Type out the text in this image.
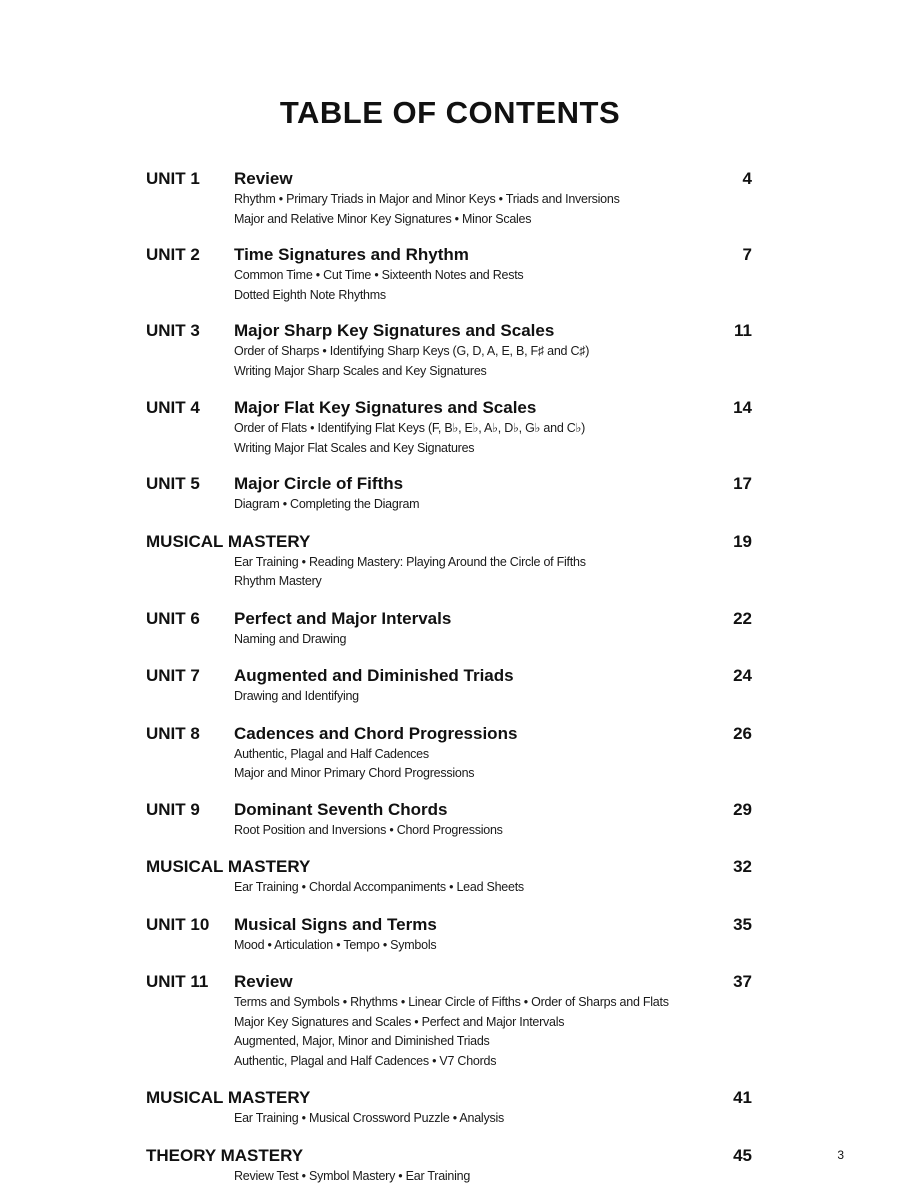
TABLE OF CONTENTS
UNIT 1 Review	4
Rhythm • Primary Triads in Major and Minor Keys • Triads and Inversions
Major and Relative Minor Key Signatures • Minor Scales
UNIT 2 Time Signatures and Rhythm	7
Common Time • Cut Time • Sixteenth Notes and Rests
Dotted Eighth Note Rhythms
UNIT 3 Major Sharp Key Signatures and Scales	11
Order of Sharps • Identifying Sharp Keys (G, D, A, E, B, F♯ and C♯)
Writing Major Sharp Scales and Key Signatures
UNIT 4 Major Flat Key Signatures and Scales	14
Order of Flats • Identifying Flat Keys (F, B♭, E♭, A♭, D♭, G♭ and C♭)
Writing Major Flat Scales and Key Signatures
UNIT 5 Major Circle of Fifths	17
Diagram • Completing the Diagram
MUSICAL MASTERY	19
Ear Training • Reading Mastery: Playing Around the Circle of Fifths
Rhythm Mastery
UNIT 6 Perfect and Major Intervals	22
Naming and Drawing
UNIT 7 Augmented and Diminished Triads	24
Drawing and Identifying
UNIT 8 Cadences and Chord Progressions	26
Authentic, Plagal and Half Cadences
Major and Minor Primary Chord Progressions
UNIT 9 Dominant Seventh Chords	29
Root Position and Inversions • Chord Progressions
MUSICAL MASTERY	32
Ear Training • Chordal Accompaniments • Lead Sheets
UNIT 10 Musical Signs and Terms	35
Mood • Articulation • Tempo • Symbols
UNIT 11 Review	37
Terms and Symbols • Rhythms • Linear Circle of Fifths • Order of Sharps and Flats
Major Key Signatures and Scales • Perfect and Major Intervals
Augmented, Major, Minor and Diminished Triads
Authentic, Plagal and Half Cadences • V7 Chords
MUSICAL MASTERY	41
Ear Training • Musical Crossword Puzzle • Analysis
THEORY MASTERY	45
Review Test • Symbol Mastery • Ear Training
3
